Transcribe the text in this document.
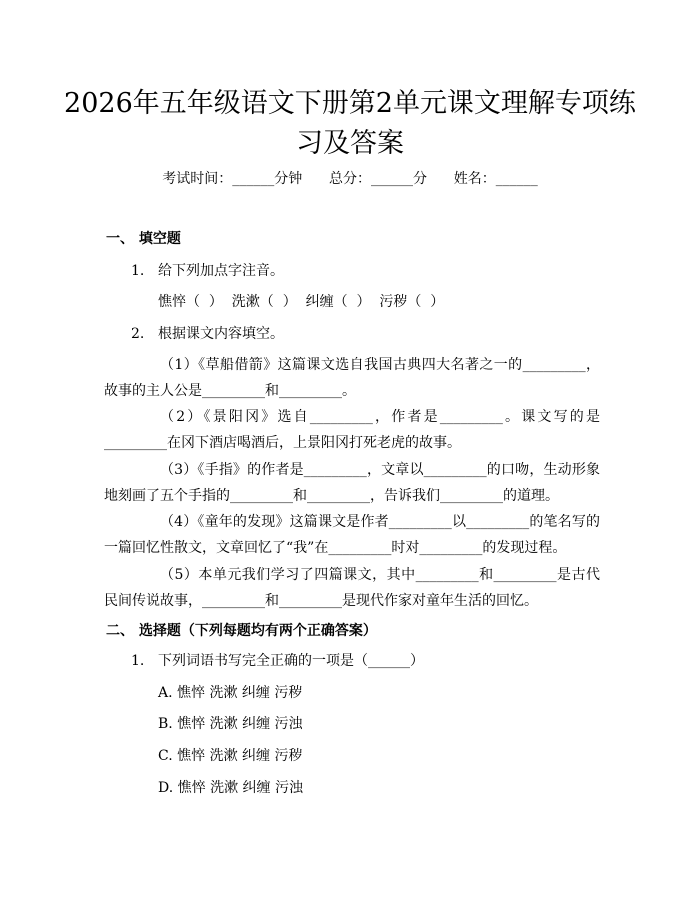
2026年五年级语文下册第2单元课文理解专项练习及答案
考试时间：______分钟      总分：______分      姓名：______
一、 填空题
1. 给下列加点字注音。
憔悴（  ）  洗漱（  ）  纠缠（  ）  污秽（  ）
2. 根据课文内容填空。
（1）《草船借箭》这篇课文选自我国古典四大名著之一的_________，故事的主人公是_________和_________。
（2）《景阳冈》选自_________，作者是_________。课文写的是_________在冈下酒店喝酒后，上景阳冈打死老虎的故事。
（3）《手指》的作者是_________，文章以_________的口吻，生动形象地刻画了五个手指的_________和_________，告诉我们_________的道理。
（4）《童年的发现》这篇课文是作者_________以_________的笔名写的一篇回忆性散文，文章回忆了“我”在_________时对_________的发现过程。
（5）本单元我们学习了四篇课文，其中_________和_________是古代民间传说故事，_________和_________是现代作家对童年生活的回忆。
二、 选择题（下列每题均有两个正确答案）
1. 下列词语书写完全正确的一项是（______）
A. 憔悴 洗漱 纠缠 污秽
B. 憔悴 洗漱 纠缠 污浊
C. 憔悴 洗漱 纠缠 污秽
D. 憔悴 洗漱 纠缠 污浊
